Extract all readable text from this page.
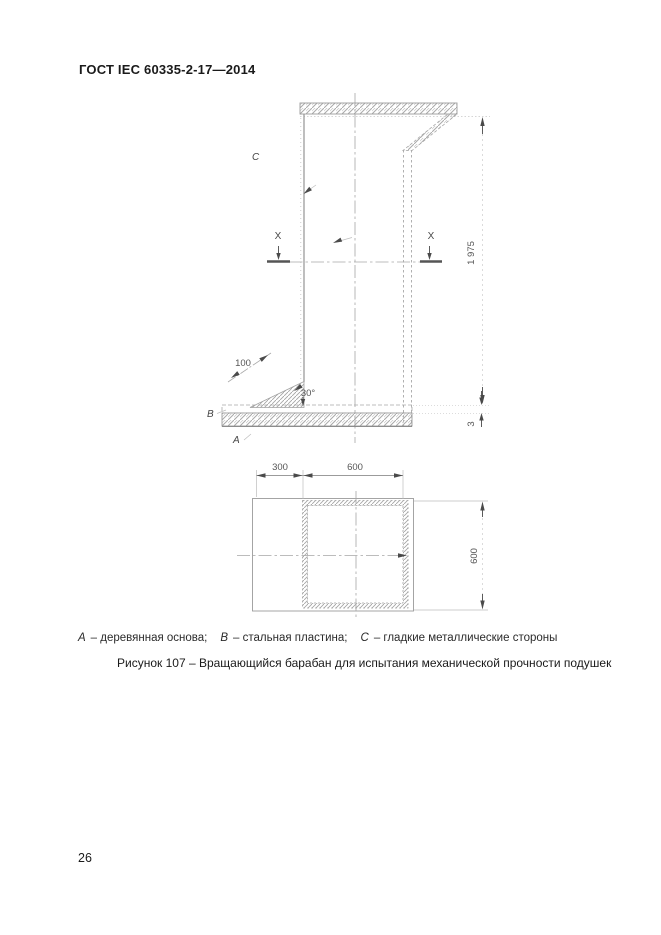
ГОСТ IEC 60335-2-17—2014
X	X
1 975
3
100
30°
C
B
A
300	600
600
A – деревянная основа; B – стальная пластина; C – гладкие металлические стороны
Рисунок 107 – Вращающийся барабан для испытания механической прочности подушек
26
